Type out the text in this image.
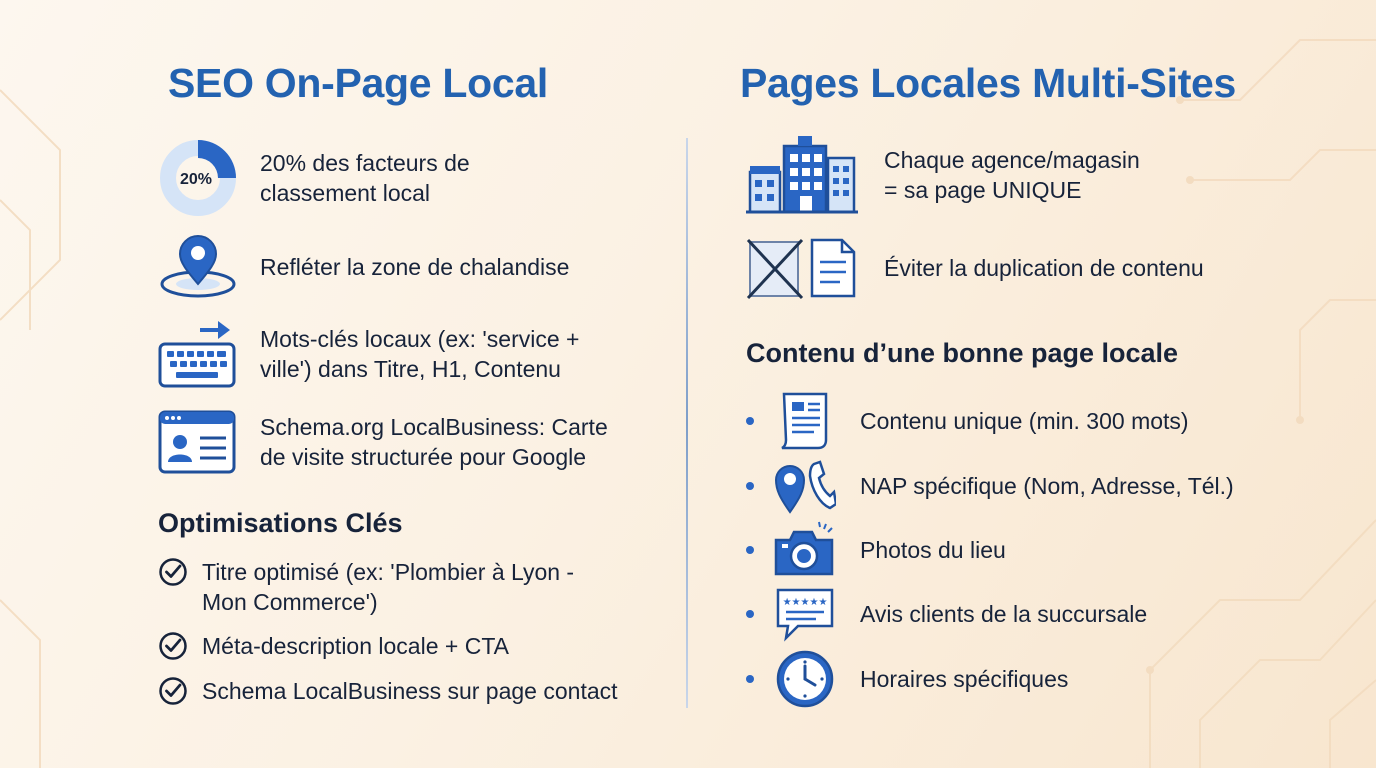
SEO On-Page Local	Pages Locales Multi-Sites
20%
20% des facteurs de
classement local
Refléter la zone de chalandise
Mots-clés locaux (ex: 'service +
ville') dans Titre, H1, Contenu
Schema.org LocalBusiness: Carte
de visite structurée pour Google
Optimisations Clés
Titre optimisé (ex: 'Plombier à Lyon -
Mon Commerce')
Méta-description locale + CTA
Schema LocalBusiness sur page contact
Chaque agence/magasin
= sa page UNIQUE
Éviter la duplication de contenu
Contenu d’une bonne page locale
Contenu unique (min. 300 mots)
NAP spécifique (Nom, Adresse, Tél.)
Photos du lieu
★★★★★ Avis clients de la succursale
Horaires spécifiques
